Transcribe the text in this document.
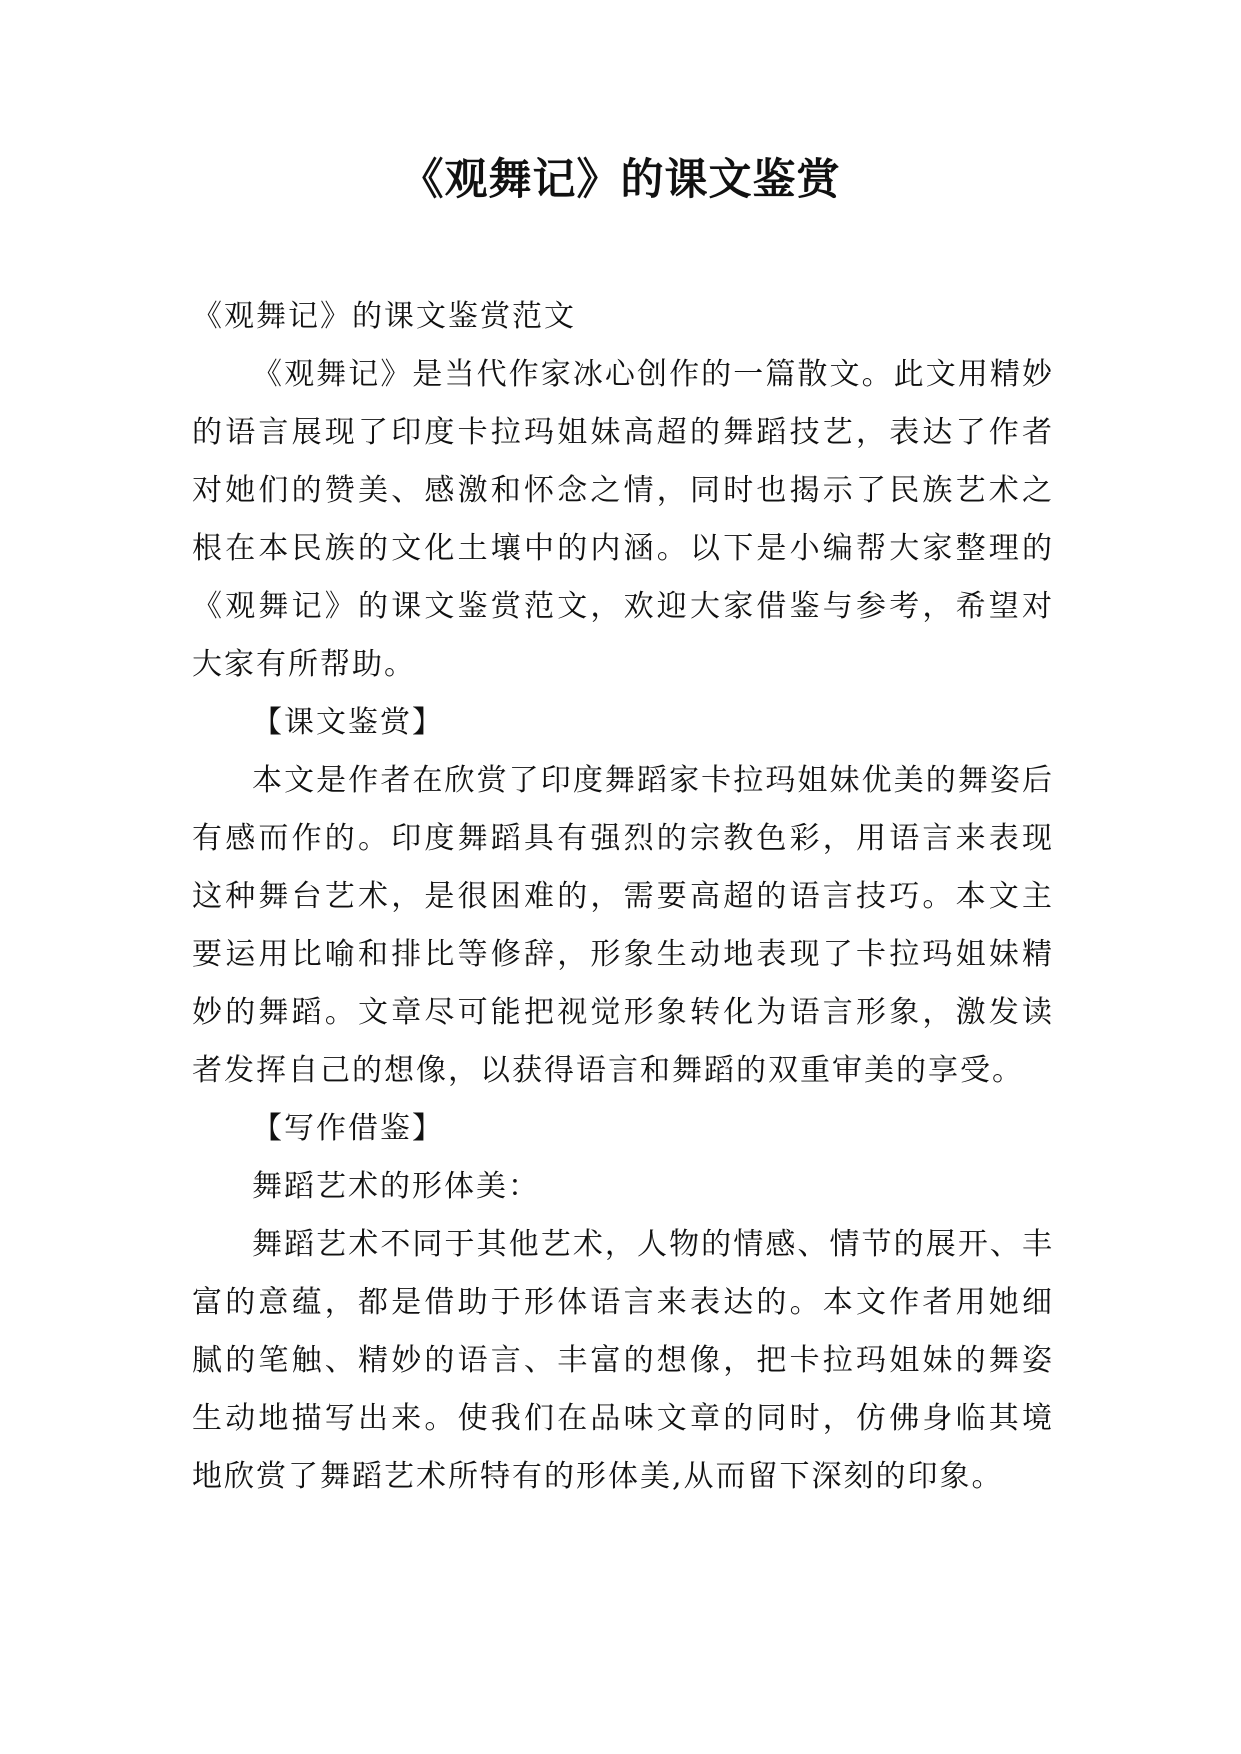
《观舞记》的课文鉴赏

《观舞记》的课文鉴赏范文

《观舞记》是当代作家冰心创作的一篇散文。此文用精妙的语言展现了印度卡拉玛姐妹高超的舞蹈技艺，表达了作者对她们的赞美、感激和怀念之情，同时也揭示了民族艺术之根在本民族的文化土壤中的内涵。以下是小编帮大家整理的《观舞记》的课文鉴赏范文，欢迎大家借鉴与参考，希望对大家有所帮助。

【课文鉴赏】

本文是作者在欣赏了印度舞蹈家卡拉玛姐妹优美的舞姿后有感而作的。印度舞蹈具有强烈的宗教色彩，用语言来表现这种舞台艺术，是很困难的，需要高超的语言技巧。本文主要运用比喻和排比等修辞，形象生动地表现了卡拉玛姐妹精妙的舞蹈。文章尽可能把视觉形象转化为语言形象，激发读者发挥自己的想像，以获得语言和舞蹈的双重审美的享受。

【写作借鉴】

舞蹈艺术的形体美：

舞蹈艺术不同于其他艺术，人物的情感、情节的展开、丰富的意蕴，都是借助于形体语言来表达的。本文作者用她细腻的笔触、精妙的语言、丰富的想像，把卡拉玛姐妹的舞姿生动地描写出来。使我们在品味文章的同时，仿佛身临其境地欣赏了舞蹈艺术所特有的形体美,从而留下深刻的印象。
